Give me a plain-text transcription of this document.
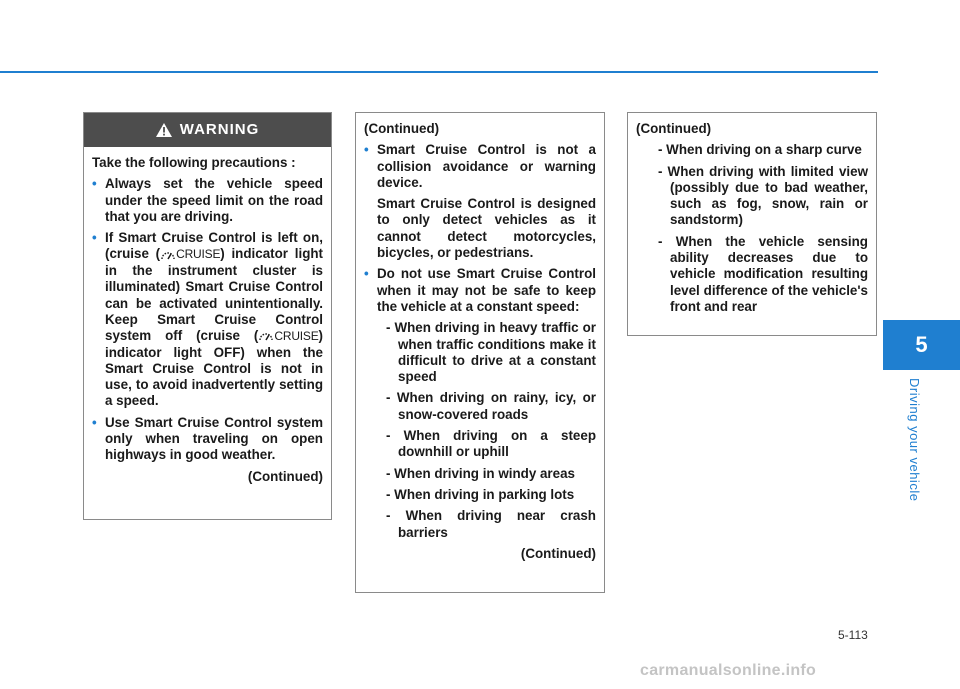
5
Driving your vehicle
WARNING

Take the following precautions :

• Always set the vehicle speed under the speed limit on the road that you are driving.
• If Smart Cruise Control is left on, (cruise ( CRUISE ) indicator light in the instrument cluster is illuminated) Smart Cruise Control can be activated unintentionally. Keep Smart Cruise Control system off (cruise ( CRUISE ) indicator light OFF) when the Smart Cruise Control is not in use, to avoid inadvertently setting a speed.
• Use Smart Cruise Control system only when traveling on open highways in good weather.

(Continued)

(Continued)

• Smart Cruise Control is not a collision avoidance or warning device.

Smart Cruise Control is designed to only detect vehicles as it cannot detect motorcycles, bicycles, or pedestrians.

• Do not use Smart Cruise Control when it may not be safe to keep the vehicle at a constant speed:

- When driving in heavy traffic or when traffic conditions make it difficult to drive at a constant speed

- When driving on rainy, icy, or snow-covered roads

- When driving on a steep downhill or uphill

- When driving in windy areas

- When driving in parking lots

- When driving near crash barriers

(Continued)

(Continued)

- When driving on a sharp curve

- When driving with limited view (possibly due to bad weather, such as fog, snow, rain or sandstorm)

- When the vehicle sensing ability decreases due to vehicle modification resulting level difference of the vehicle's front and rear

5-113
carmanualsonline.info
